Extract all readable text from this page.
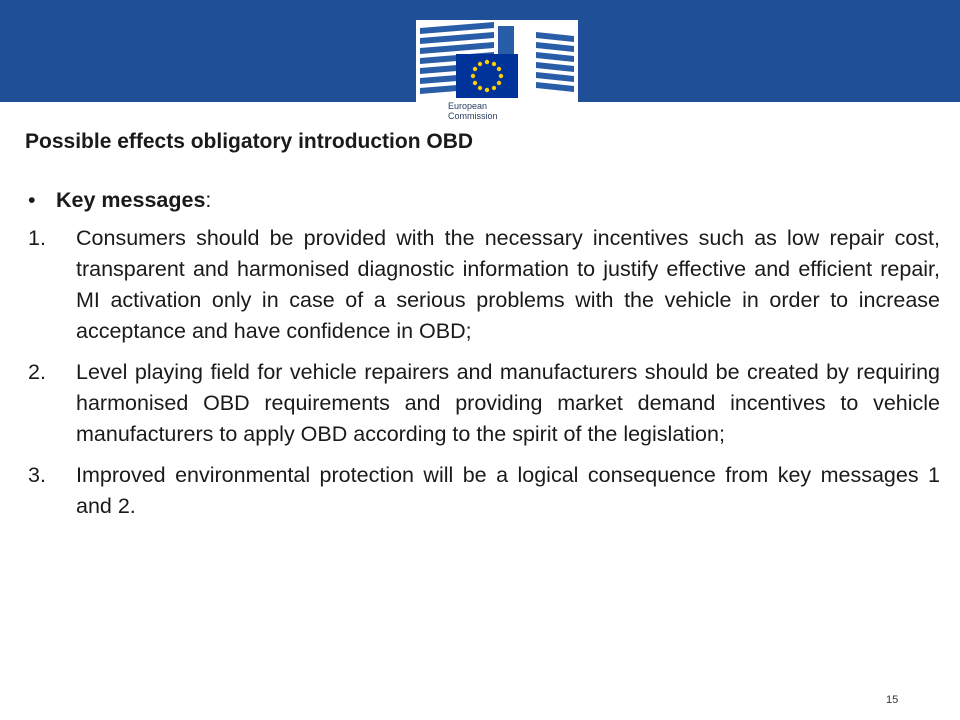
European
Commission
Possible effects obligatory introduction OBD
• Key messages:
1.	Consumers should be provided with the necessary incentives such as low repair cost, transparent and harmonised diagnostic information to justify effective and efficient repair, MI activation only in case of a serious problems with the vehicle in order to increase acceptance and have confidence in OBD;
2.	Level playing field for vehicle repairers and manufacturers should be created by requiring harmonised OBD requirements and providing market demand incentives to vehicle manufacturers to apply OBD according to the spirit of the legislation;
3.	Improved environmental protection will be a logical consequence from key messages 1 and 2.
15
